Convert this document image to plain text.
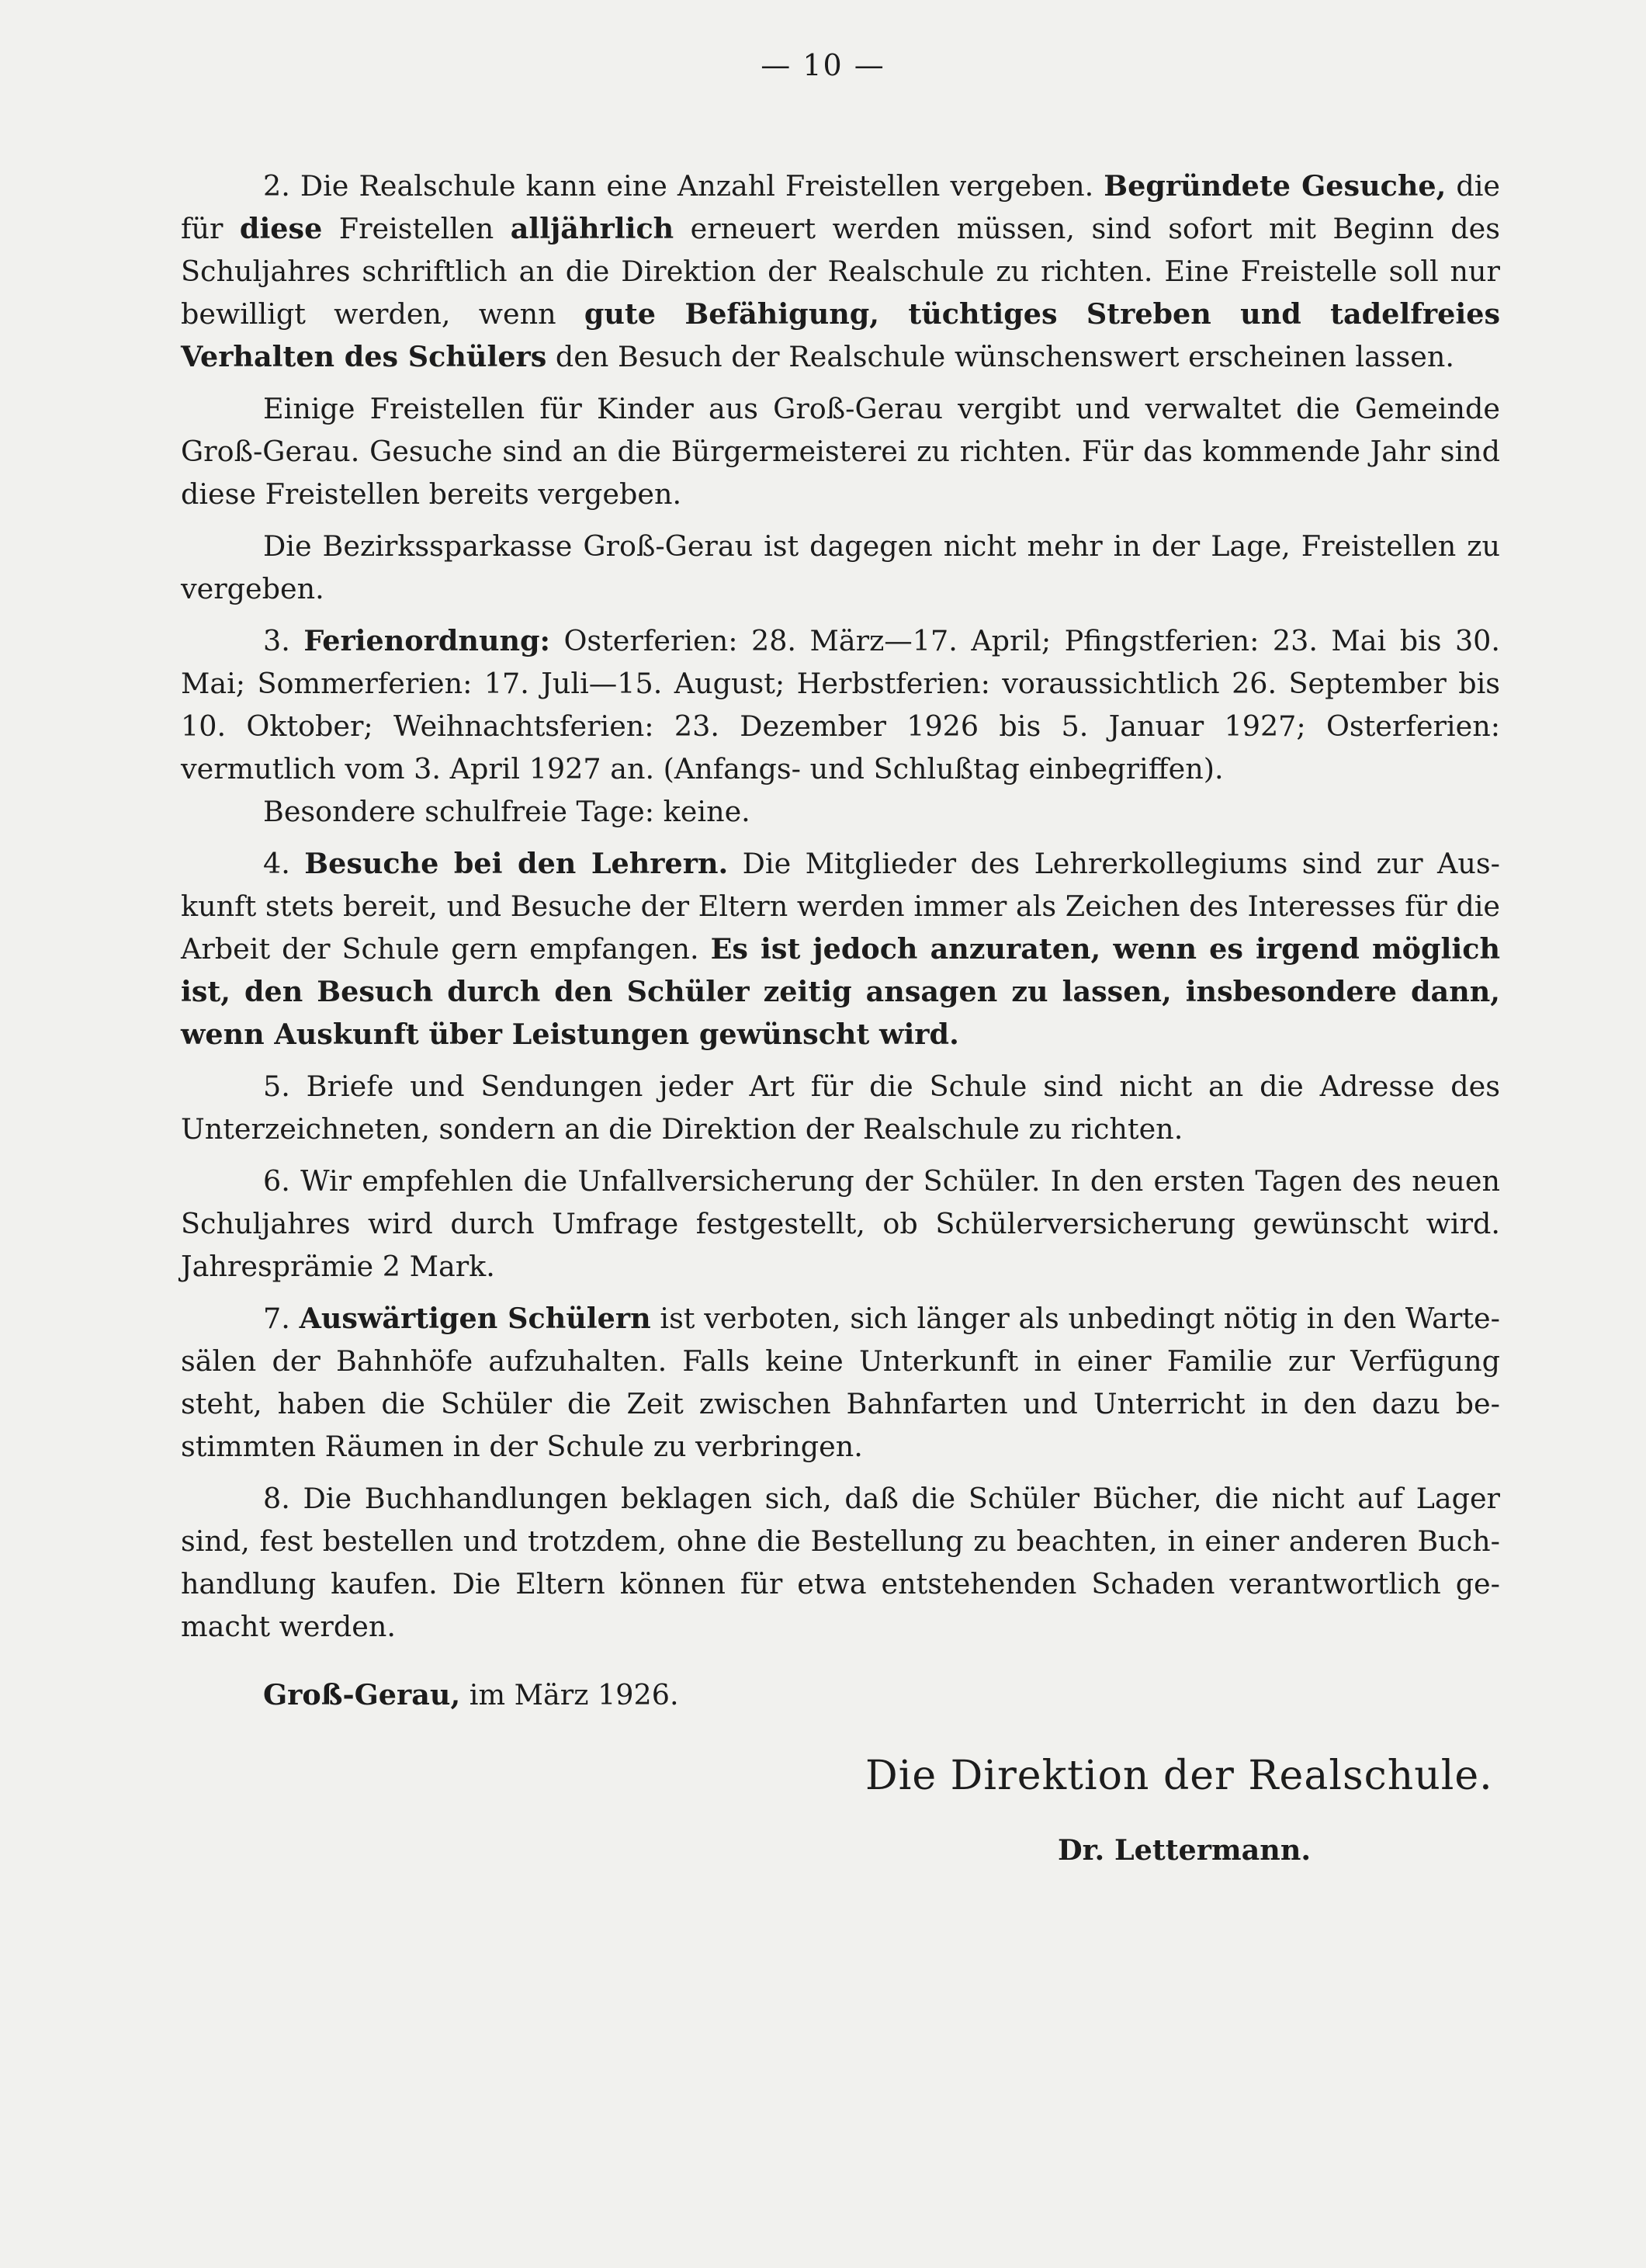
— 10 —

2. Die Realschule kann eine Anzahl Freistellen vergeben. Begründete Gesuche, die für diese Freistellen alljährlich erneuert werden müssen, sind sofort mit Beginn des Schuljahres schriftlich an die Direktion der Realschule zu richten. Eine Freistelle soll nur bewilligt werden, wenn gute Befähigung, tüchtiges Streben und tadelfreies Verhalten des Schülers den Besuch der Realschule wünschenswert erscheinen lassen.

Einige Freistellen für Kinder aus Groß-Gerau vergibt und verwaltet die Gemeinde Groß-Gerau. Gesuche sind an die Bürgermeisterei zu richten. Für das kommende Jahr sind diese Freistellen bereits vergeben.

Die Bezirkssparkasse Groß-Gerau ist dagegen nicht mehr in der Lage, Freistellen zu vergeben.

3. Ferienordnung: Osterferien: 28. März—17. April; Pfingstferien: 23. Mai bis 30. Mai; Sommerferien: 17. Juli—15. August; Herbstferien: voraussichtlich 26. September bis 10. Oktober; Weihnachtsferien: 23. Dezember 1926 bis 5. Januar 1927; Osterferien: vermutlich vom 3. April 1927 an. (Anfangs- und Schlußtag einbegriffen).

Besondere schulfreie Tage: keine.

4. Besuche bei den Lehrern. Die Mitglieder des Lehrerkollegiums sind zur Auskunft stets bereit, und Besuche der Eltern werden immer als Zeichen des Interesses für die Arbeit der Schule gern empfangen. Es ist jedoch anzuraten, wenn es irgend möglich ist, den Besuch durch den Schüler zeitig ansagen zu lassen, insbesondere dann, wenn Auskunft über Leistungen gewünscht wird.

5. Briefe und Sendungen jeder Art für die Schule sind nicht an die Adresse des Unterzeichneten, sondern an die Direktion der Realschule zu richten.

6. Wir empfehlen die Unfallversicherung der Schüler. In den ersten Tagen des neuen Schuljahres wird durch Umfrage festgestellt, ob Schülerversicherung gewünscht wird. Jahresprämie 2 Mark.

7. Auswärtigen Schülern ist verboten, sich länger als unbedingt nötig in den Wartesälen der Bahnhöfe aufzuhalten. Falls keine Unterkunft in einer Familie zur Verfügung steht, haben die Schüler die Zeit zwischen Bahnfarten und Unterricht in den dazu bestimmten Räumen in der Schule zu verbringen.

8. Die Buchhandlungen beklagen sich, daß die Schüler Bücher, die nicht auf Lager sind, fest bestellen und trotzdem, ohne die Bestellung zu beachten, in einer anderen Buchhandlung kaufen. Die Eltern können für etwa entstehenden Schaden verantwortlich gemacht werden.

Groß-Gerau, im März 1926.
Die Direktion der Realschule.
Dr. Lettermann.
